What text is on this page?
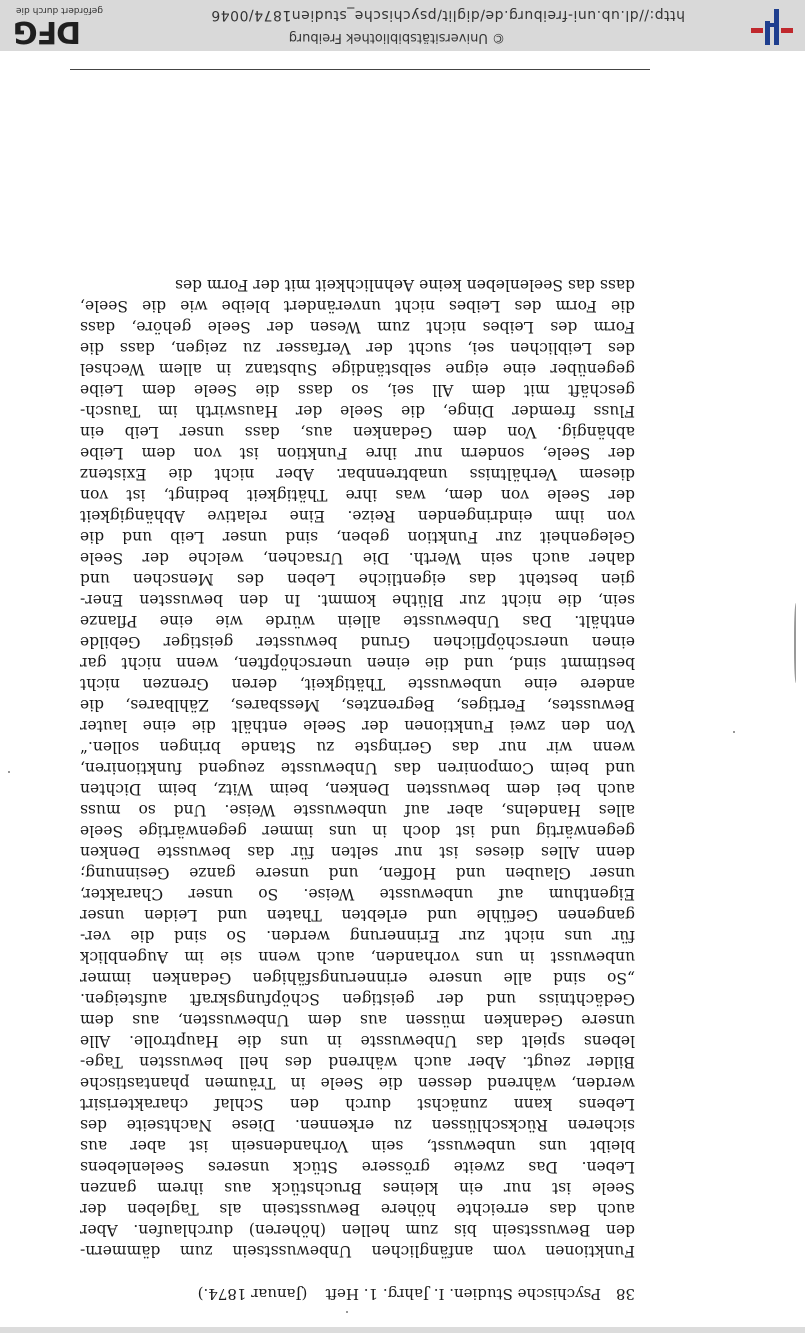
38
Psychische Studien. I. Jahrg. 1. Heft
(Januar 1874.)
Funktionen vom anfänglichen Unbewusstsein zum dämmern-
den Bewusstsein bis zum hellen (höheren) durchlaufen. Aber
auch das erreichte höhere Bewusstsein als Tagleben der
Seele ist nur ein kleines Bruchstück aus ihrem ganzen
Leben. Das zweite grössere Stück unseres Seelenlebens
bleibt uns unbewusst, sein Vorhandensein ist aber aus
sicheren Rückschlüssen zu erkennen. Diese Nachtseite des
Lebens kann zunächst durch den Schlaf charakterisirt
werden, während dessen die Seele in Träumen phantastische
Bilder zeugt. Aber auch während des hell bewussten Tage-
lebens spielt das Unbewusste in uns die Hauptrolle. Alle
unsere Gedanken müssen aus dem Unbewussten, aus dem
Gedächtniss und der geistigen Schöpfungskraft aufsteigen.
„So sind alle unsere erinnerungsfähigen Gedanken immer
unbewusst in uns vorhanden, auch wenn sie im Augenblick
für uns nicht zur Erinnerung werden. So sind die ver-
gangenen Gefühle und erlebten Thaten und Leiden unser
Eigenthum auf unbewusste Weise. So unser Charakter,
unser Glauben und Hoffen, und unsere ganze Gesinnung;
denn Alles dieses ist nur selten für das bewusste Denken
gegenwärtig und ist doch in uns immer gegenwärtige Seele
alles Handelns, aber auf unbewusste Weise. Und so muss
auch bei dem bewussten Denken, beim Witz, beim Dichten
und beim Componiren das Unbewusste zeugend funktioniren,
wenn wir nur das Geringste zu Stande bringen sollen.“
Von den zwei Funktionen der Seele enthält die eine lauter
Bewusstes, Fertiges, Begrenztes, Messbares, Zählbares, die
andere eine unbewusste Thätigkeit, deren Grenzen nicht
bestimmt sind, und die einen unerschöpften, wenn nicht gar
einen unerschöpflichen Grund bewusster geistiger Gebilde
enthält. Das Unbewusste allein würde wie eine Pflanze
sein, die nicht zur Blüthe kommt. In den bewussten Ener-
gien besteht das eigentliche Leben des Menschen und
daher auch sein Werth. Die Ursachen, welche der Seele
Gelegenheit zur Funktion geben, sind unser Leib und die
von ihm eindringenden Reize. Eine relative Abhängigkeit
der Seele von dem, was ihre Thätigkeit bedingt, ist von
diesem Verhältniss unabtrennbar. Aber nicht die Existenz
der Seele, sondern nur ihre Funktion ist von dem Leibe
abhängig. Von dem Gedanken aus, dass unser Leib ein
Fluss fremder Dinge, die Seele der Hauswirth im Tausch-
geschäft mit dem All sei, so dass die Seele dem Leibe
gegenüber eine eigne selbständige Substanz in allem Wechsel
des Leiblichen sei, sucht der Verfasser zu zeigen, dass die
Form des Leibes nicht zum Wesen der Seele gehöre, dass
die Form des Leibes nicht unverändert bleibe wie die Seele,
dass das Seelenleben keine Aehnlichkeit mit der Form des
© Universitätsbibliothek Freiburg
http://dl.ub.uni-freiburg.de/diglit/psychische_studien1874/0046
DFG
gefördert durch die
